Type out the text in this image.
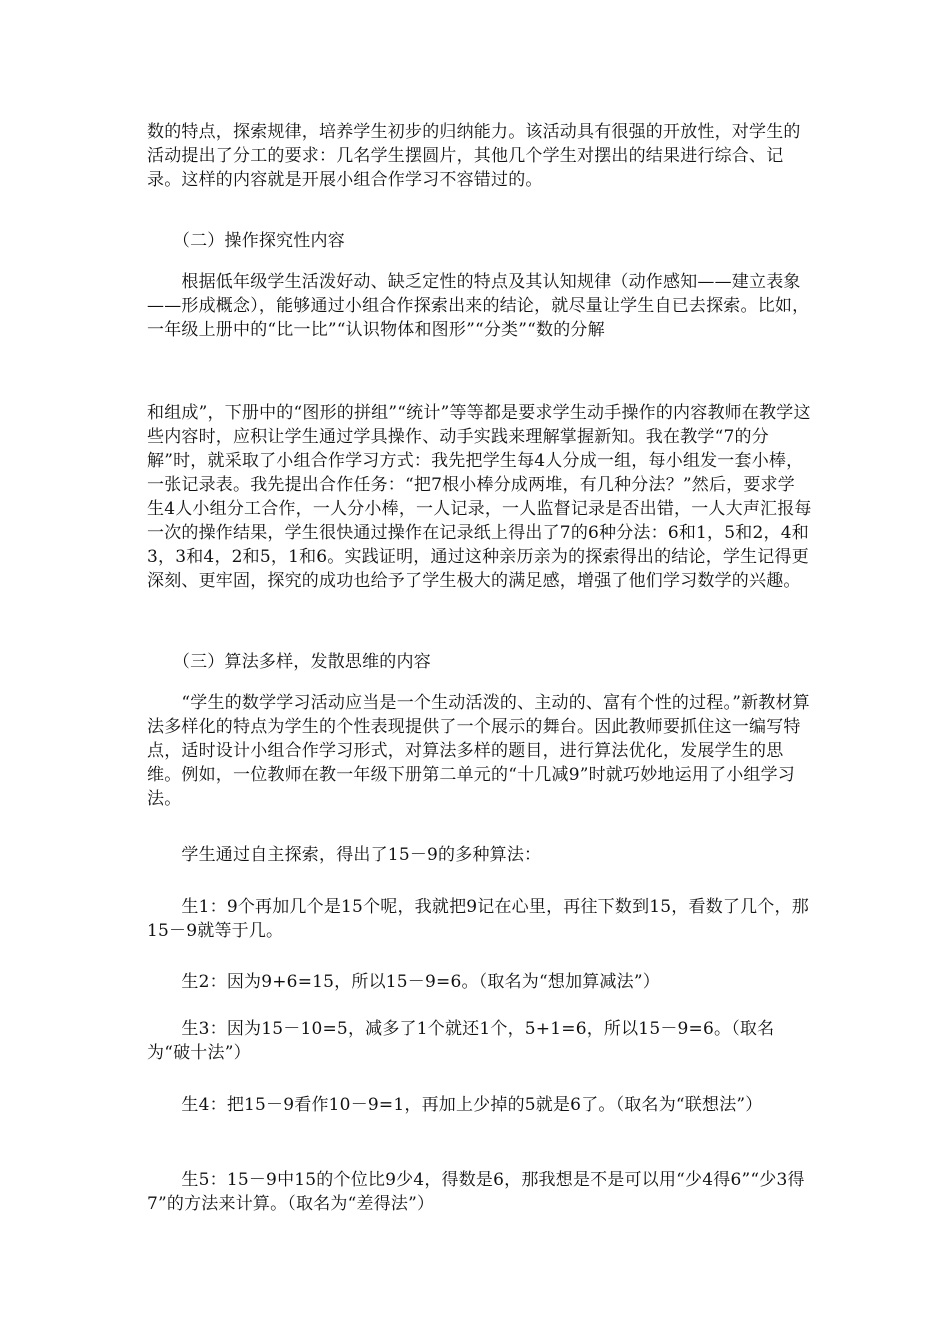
数的特点，探索规律，培养学生初步的归纳能力。该活动具有很强的开放性，对学生的活动提出了分工的要求：几名学生摆圆片，其他几个学生对摆出的结果进行综合、记录。这样的内容就是开展小组合作学习不容错过的。
　　（二）操作探究性内容
　　根据低年级学生活泼好动、缺乏定性的特点及其认知规律（动作感知——建立表象——形成概念），能够通过小组合作探索出来的结论，就尽量让学生自已去探索。比如，一年级上册中的“比一比”“认识物体和图形”“分类”“数的分解
和组成”，下册中的“图形的拼组”“统计”等等都是要求学生动手操作的内容教师在教学这些内容时，应积让学生通过学具操作、动手实践来理解掌握新知。我在教学“7的分解”时，就采取了小组合作学习方式：我先把学生每4人分成一组，每小组发一套小棒，一张记录表。我先提出合作任务：“把7根小棒分成两堆，有几种分法？”然后，要求学生4人小组分工合作，一人分小棒，一人记录，一人监督记录是否出错，一人大声汇报每一次的操作结果，学生很快通过操作在记录纸上得出了7的6种分法：6和1，5和2，4和3，3和4，2和5，1和6。实践证明，通过这种亲历亲为的探索得出的结论，学生记得更深刻、更牢固，探究的成功也给予了学生极大的满足感，增强了他们学习数学的兴趣。
　　（三）算法多样，发散思维的内容
　　“学生的数学学习活动应当是一个生动活泼的、主动的、富有个性的过程。”新教材算法多样化的特点为学生的个性表现提供了一个展示的舞台。因此教师要抓住这一编写特点，适时设计小组合作学习形式，对算法多样的题目，进行算法优化，发展学生的思维。例如，一位教师在教一年级下册第二单元的“十几减9”时就巧妙地运用了小组学习法。
　　学生通过自主探索，得出了15－9的多种算法：
　　生1：9个再加几个是15个呢，我就把9记在心里，再往下数到15，看数了几个，那15－9就等于几。
　　生2：因为9+6=15，所以15－9=6。（取名为“想加算减法”）
　　生3：因为15－10=5，减多了1个就还1个，5+1=6，所以15－9=6。（取名为“破十法”）
　　生4：把15－9看作10－9=1，再加上少掉的5就是6了。（取名为“联想法”）
　　生5：15－9中15的个位比9少4，得数是6，那我想是不是可以用“少4得6”“少3得7”的方法来计算。（取名为“差得法”）
